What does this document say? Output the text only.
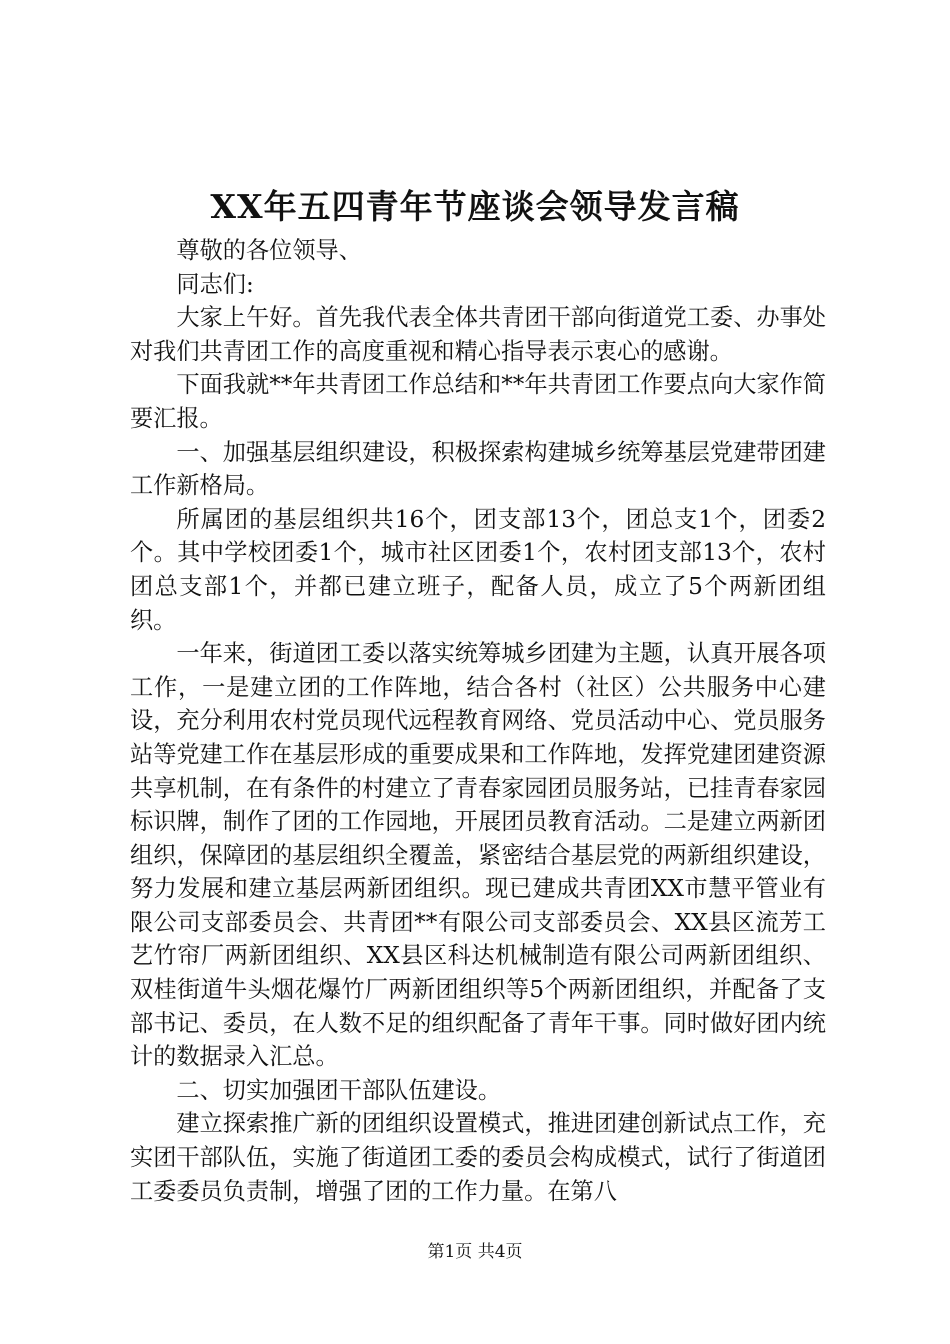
XX年五四青年节座谈会领导发言稿

尊敬的各位领导、

同志们:

大家上午好。首先我代表全体共青团干部向街道党工委、办事处对我们共青团工作的高度重视和精心指导表示衷心的感谢。

下面我就**年共青团工作总结和**年共青团工作要点向大家作简要汇报。

一、加强基层组织建设，积极探索构建城乡统筹基层党建带团建工作新格局。

所属团的基层组织共16个，团支部13个，团总支1个，团委2个。其中学校团委1个，城市社区团委1个，农村团支部13个，农村团总支部1个，并都已建立班子，配备人员，成立了5个两新团组织。

一年来，街道团工委以落实统筹城乡团建为主题，认真开展各项工作，一是建立团的工作阵地，结合各村（社区）公共服务中心建设，充分利用农村党员现代远程教育网络、党员活动中心、党员服务站等党建工作在基层形成的重要成果和工作阵地，发挥党建团建资源共享机制，在有条件的村建立了青春家园团员服务站，已挂青春家园标识牌，制作了团的工作园地，开展团员教育活动。二是建立两新团组织，保障团的基层组织全覆盖，紧密结合基层党的两新组织建设，努力发展和建立基层两新团组织。现已建成共青团XX市慧平管业有限公司支部委员会、共青团**有限公司支部委员会、XX县区流芳工艺竹帘厂两新团组织、XX县区科达机械制造有限公司两新团组织、双桂街道牛头烟花爆竹厂两新团组织等5个两新团组织，并配备了支部书记、委员，在人数不足的组织配备了青年干事。同时做好团内统计的数据录入汇总。

二、切实加强团干部队伍建设。

建立探索推广新的团组织设置模式，推进团建创新试点工作，充实团干部队伍，实施了街道团工委的委员会构成模式，试行了街道团工委委员负责制，增强了团的工作力量。在第八

第1页 共4页
